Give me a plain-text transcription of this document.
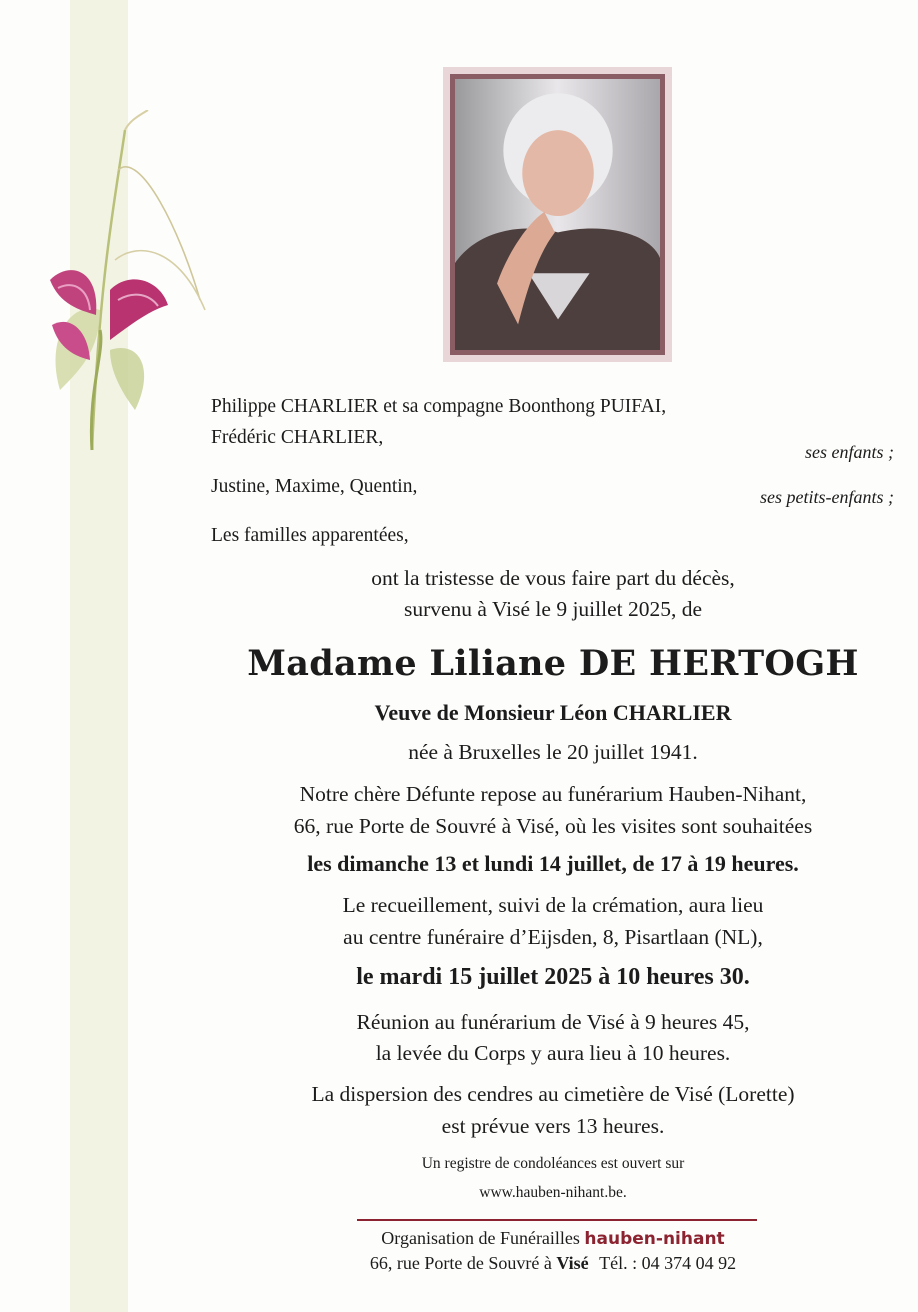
Philippe CHARLIER et sa compagne Boonthong PUIFAI,

Frédéric CHARLIER,

ses enfants ;

Justine, Maxime, Quentin,	ses petits-enfants ;

Les familles apparentées,

ont la tristesse de vous faire part du décès,

survenu à Visé le 9 juillet 2025, de

Madame Liliane DE HERTOGH

Veuve de Monsieur Léon CHARLIER

née à Bruxelles le 20 juillet 1941.

Notre chère Défunte repose au funérarium Hauben-Nihant,

66, rue Porte de Souvré à Visé, où les visites sont souhaitées

les dimanche 13 et lundi 14 juillet, de 17 à 19 heures.

Le recueillement, suivi de la crémation, aura lieu

au centre funéraire d’Eijsden, 8, Pisartlaan (NL),

le mardi 15 juillet 2025 à 10 heures 30.

Réunion au funérarium de Visé à 9 heures 45,

la levée du Corps y aura lieu à 10 heures.

La dispersion des cendres au cimetière de Visé (Lorette)

est prévue vers 13 heures.

Un registre de condoléances est ouvert sur

www.hauben-nihant.be.

Organisation de Funérailles hauben-nihant

66, rue Porte de Souvré à Visé Tél. : 04 374 04 92
